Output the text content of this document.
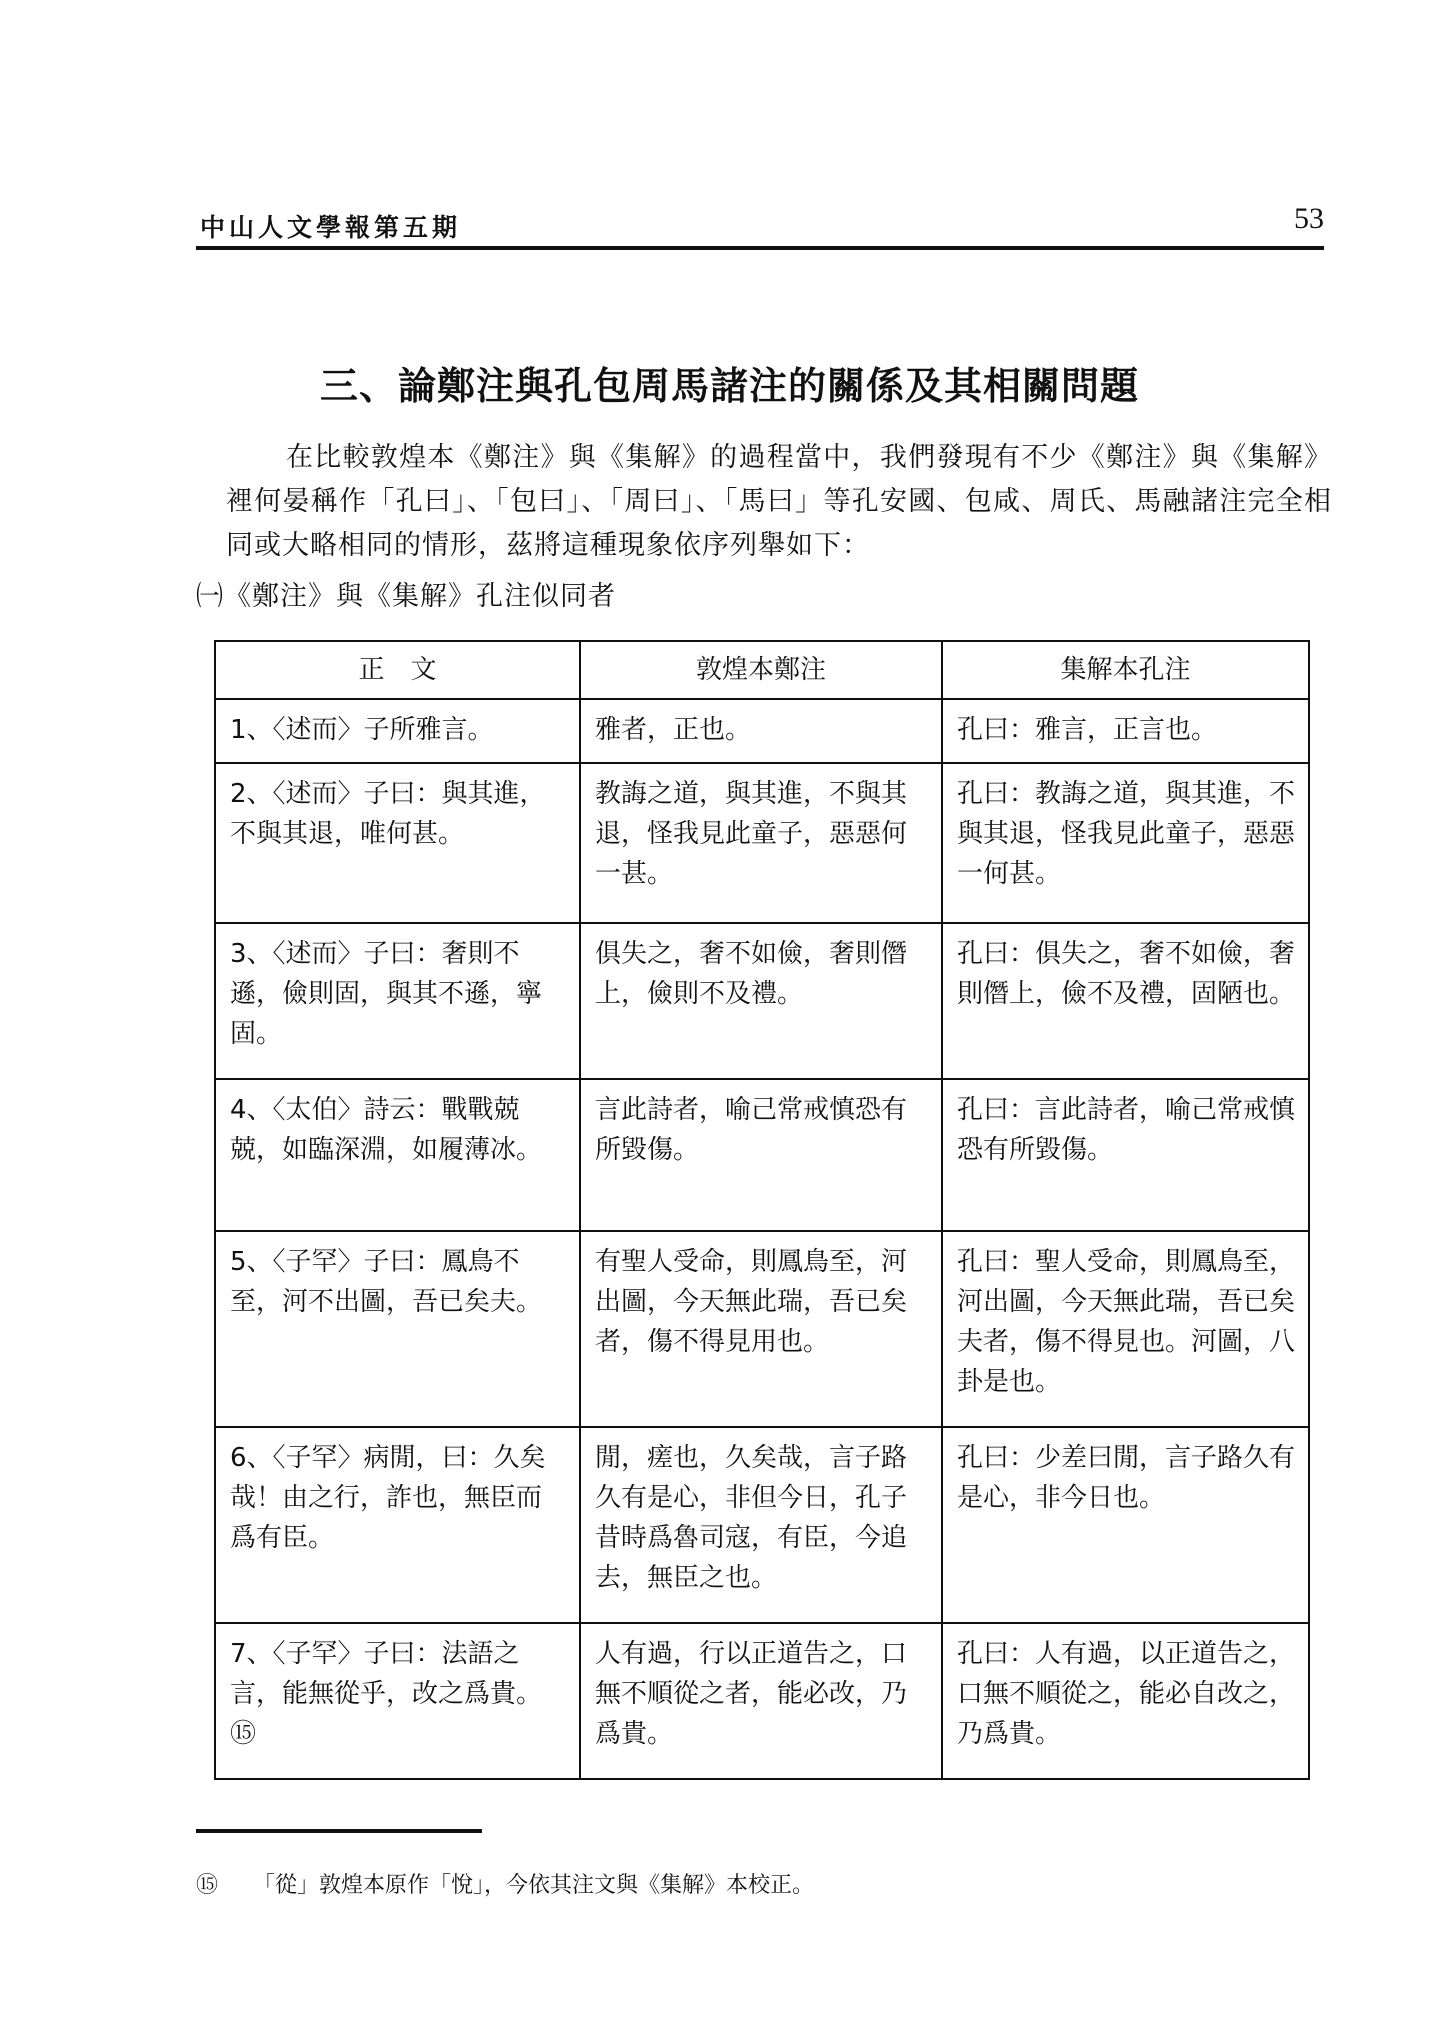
中山人文學報第五期	53
三、論鄭注與孔包周馬諸注的關係及其相關問題

在比較敦煌本《鄭注》與《集解》的過程當中，我們發現有不少《鄭注》與《集解》裡何晏稱作「孔曰」、「包曰」、「周曰」、「馬曰」等孔安國、包咸、周氏、馬融諸注完全相同或大略相同的情形，茲將這種現象依序列舉如下：

㈠《鄭注》與《集解》孔注似同者
正　文	敦煌本鄭注	集解本孔注
1、〈述而〉子所雅言。	雅者，正也。	孔曰：雅言，正言也。
2、〈述而〉子曰：與其進，不與其退，唯何甚。	教誨之道，與其進，不與其退，怪我見此童子，惡惡何一甚。	孔曰：教誨之道，與其進，不與其退，怪我見此童子，惡惡一何甚。
3、〈述而〉子曰：奢則不遜，儉則固，與其不遜，寧固。	俱失之，奢不如儉，奢則僭上，儉則不及禮。	孔曰：俱失之，奢不如儉，奢則僭上，儉不及禮，固陋也。
4、〈太伯〉詩云：戰戰兢兢，如臨深淵，如履薄冰。	言此詩者，喻己常戒慎恐有所毀傷。	孔曰：言此詩者，喻己常戒慎恐有所毀傷。
5、〈子罕〉子曰：鳳鳥不至，河不出圖，吾已矣夫。	有聖人受命，則鳳鳥至，河出圖，今天無此瑞，吾已矣者，傷不得見用也。	孔曰：聖人受命，則鳳鳥至，河出圖，今天無此瑞，吾已矣夫者，傷不得見也。河圖，八卦是也。
6、〈子罕〉病閒，曰：久矣哉！由之行，詐也，無臣而爲有臣。	閒，瘥也，久矣哉，言子路久有是心，非但今日，孔子昔時爲魯司寇，有臣，今追去，無臣之也。	孔曰：少差曰閒，言子路久有是心，非今日也。
7、〈子罕〉子曰：法語之言，能無從乎，改之爲貴。⑮	人有過，行以正道告之，口無不順從之者，能必改，乃爲貴。	孔曰：人有過，以正道告之，口無不順從之，能必自改之，乃爲貴。
⑮ 「從」敦煌本原作「悅」，今依其注文與《集解》本校正。
